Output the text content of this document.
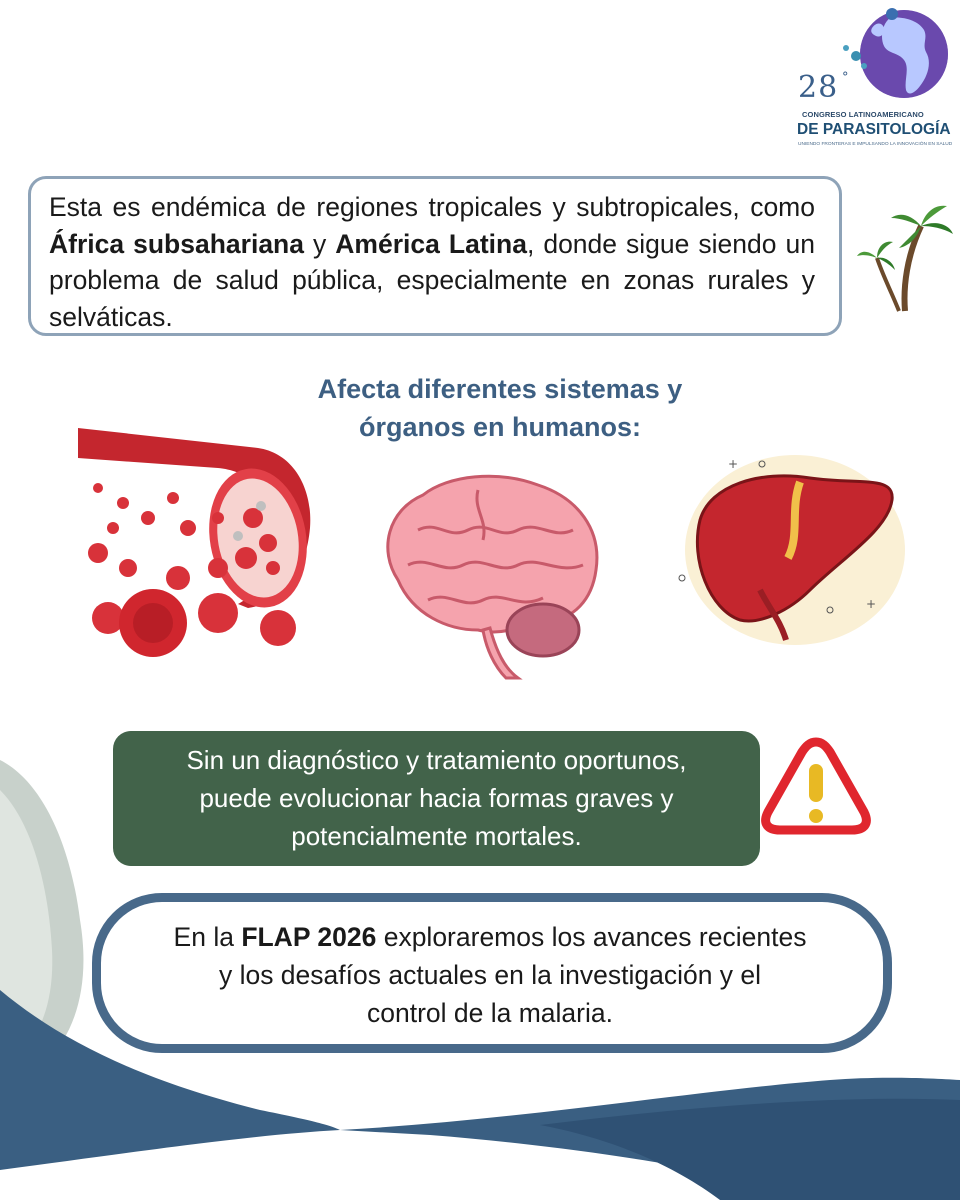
28 °
CONGRESO LATINOAMERICANO
DE PARASITOLOGÍA
UNIENDO FRONTERAS E IMPULSANDO LA INNOVACIÓN EN SALUD

Esta es endémica de regiones tropicales y subtropicales, como África subsahariana y América Latina, donde sigue siendo un problema de salud pública, especialmente en zonas rurales y selváticas.

Afecta diferentes sistemas y
órganos en humanos:
+
+
Sin un diagnóstico y tratamiento oportunos,
puede evolucionar hacia formas graves y
potencialmente mortales.
En la FLAP 2026 exploraremos los avances recientes
y los desafíos actuales en la investigación y el
control de la malaria.
